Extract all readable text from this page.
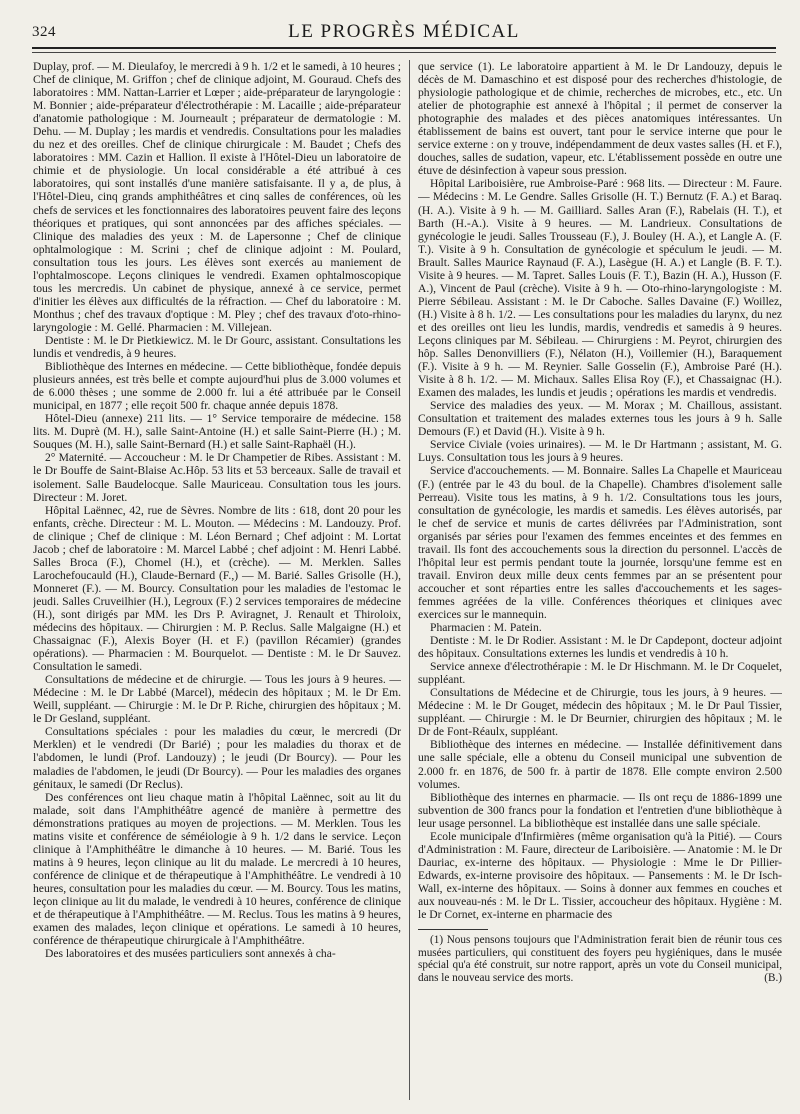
324	LE PROGRÈS MÉDICAL

Duplay, prof. — M. Dieulafoy, le mercredi à 9 h. 1/2 et le samedi, à 10 heures ; Chef de clinique, M. Griffon ; chef de clinique adjoint, M. Gouraud. Chefs des laboratoires : MM. Nattan-Larrier et Lœper ; aide-préparateur de laryngologie : M. Bonnier ; aide-préparateur d'électrothérapie : M. Lacaille ; aide-préparateur d'anatomie pathologique : M. Journeault ; préparateur de dermatologie : M. Dehu. — M. Duplay ; les mardis et vendredis. Consultations pour les maladies du nez et des oreilles. Chef de clinique chirurgicale : M. Baudet ; Chefs des laboratoires : MM. Cazin et Hallion. Il existe à l'Hôtel-Dieu un laboratoire de chimie et de physiologie. Un local considérable a été attribué à ces laboratoires, qui sont installés d'une manière satisfaisante. Il y a, de plus, à l'Hôtel-Dieu, cinq grands amphithéâtres et cinq salles de conférences, où les chefs de services et les fonctionnaires des laboratoires peuvent faire des leçons théoriques et pratiques, qui sont annoncées par des affiches spéciales. — Clinique des maladies des yeux : M. de Lapersonne ; Chef de clinique ophtalmologique : M. Scrini ; chef de clinique adjoint : M. Poulard, consultation tous les jours. Les élèves sont exercés au maniement de l'ophtalmoscope. Leçons cliniques le vendredi. Examen ophtalmoscopique tous les mercredis. Un cabinet de physique, annexé à ce service, permet d'initier les élèves aux difficultés de la réfraction. — Chef du laboratoire : M. Monthus ; chef des travaux d'optique : M. Pley ; chef des travaux d'oto-rhino-laryngologie : M. Gellé. Pharmacien : M. Villejean.

Dentiste : M. le Dr Pietkiewicz. M. le Dr Gourc, assistant. Consultations les lundis et vendredis, à 9 heures.

Bibliothèque des Internes en médecine. — Cette bibliothèque, fondée depuis plusieurs années, est très belle et compte aujourd'hui plus de 3.000 volumes et de 6.000 thèses ; une somme de 2.000 fr. lui a été attribuée par le Conseil municipal, en 1877 ; elle reçoit 500 fr. chaque année depuis 1878.

Hôtel-Dieu (annexe) 211 lits. — 1° Service temporaire de médecine. 158 lits. M. Duprè (M. H.), salle Saint-Antoine (H.) et salle Saint-Pierre (H.) ; M. Souques (M. H.), salle Saint-Bernard (H.) et salle Saint-Raphaël (H.).

2° Maternité. — Accoucheur : M. le Dr Champetier de Ribes. Assistant : M. le Dr Bouffe de Saint-Blaise Ac.Hôp. 53 lits et 53 berceaux. Salle de travail et isolement. Salle Baudelocque. Salle Mauriceau. Consultation tous les jours. Directeur : M. Joret.

Hôpital Laënnec, 42, rue de Sèvres. Nombre de lits : 618, dont 20 pour les enfants, crèche. Directeur : M. L. Mouton. — Médecins : M. Landouzy. Prof. de clinique ; Chef de clinique : M. Léon Bernard ; Chef adjoint : M. Lortat Jacob ; chef de laboratoire : M. Marcel Labbé ; chef adjoint : M. Henri Labbé. Salles Broca (F.), Chomel (H.), et (crèche). — M. Merklen. Salles Larochefoucauld (H.), Claude-Bernard (F.,) — M. Barié. Salles Grisolle (H.), Monneret (F.). — M. Bourcy. Consultation pour les maladies de l'estomac le jeudi. Salles Cruveilhier (H.), Legroux (F.) 2 services temporaires de médecine (H.), sont dirigés par MM. les Drs P. Aviragnet, J. Renault et Thiroloix, médecins des hôpitaux. — Chirurgien : M. P. Reclus. Salle Malgaigne (H.) et Chassaignac (F.), Alexis Boyer (H. et F.) (pavillon Récamier) (grandes opérations). — Pharmacien : M. Bourquelot. — Dentiste : M. le Dr Sauvez. Consultation le samedi.

Consultations de médecine et de chirurgie. — Tous les jours à 9 heures. — Médecine : M. le Dr Labbé (Marcel), médecin des hôpitaux ; M. le Dr Em. Weill, suppléant. — Chirurgie : M. le Dr P. Riche, chirurgien des hôpitaux ; M. le Dr Gesland, suppléant.

Consultations spéciales : pour les maladies du cœur, le mercredi (Dr Merklen) et le vendredi (Dr Barié) ; pour les maladies du thorax et de l'abdomen, le lundi (Prof. Landouzy) ; le jeudi (Dr Bourcy). — Pour les maladies de l'abdomen, le jeudi (Dr Bourcy). — Pour les maladies des organes génitaux, le samedi (Dr Reclus).

Des conférences ont lieu chaque matin à l'hôpital Laënnec, soit au lit du malade, soit dans l'Amphithéâtre agencé de manière à permettre des démonstrations pratiques au moyen de projections. — M. Merklen. Tous les matins visite et conférence de séméiologie à 9 h. 1/2 dans le service. Leçon clinique à l'Amphithéâtre le dimanche à 10 heures. — M. Barié. Tous les matins à 9 heures, leçon clinique au lit du malade. Le mercredi à 10 heures, conférence de clinique et de thérapeutique à l'Amphithéâtre. Le vendredi à 10 heures, consultation pour les maladies du cœur. — M. Bourcy. Tous les matins, leçon clinique au lit du malade, le vendredi à 10 heures, conférence de clinique et de thérapeutique à l'Amphithéâtre. — M. Reclus. Tous les matins à 9 heures, examen des malades, leçon clinique et opérations. Le samedi à 10 heures, conférence de thérapeutique chirurgicale à l'Amphithéâtre.

Des laboratoires et des musées particuliers sont annexés à cha-

que service (1). Le laboratoire appartient à M. le Dr Landouzy, depuis le décès de M. Damaschino et est disposé pour des recherches d'histologie, de physiologie pathologique et de chimie, recherches de microbes, etc., etc. Un atelier de photographie est annexé à l'hôpital ; il permet de conserver la photographie des malades et des pièces anatomiques intéressantes. Un établissement de bains est ouvert, tant pour le service interne que pour le service externe : on y trouve, indépendamment de deux vastes salles (H. et F.), douches, salles de sudation, vapeur, etc. L'établissement possède en outre une étuve de désinfection à vapeur sous pression.

Hôpital Lariboisière, rue Ambroise-Paré : 968 lits. — Directeur : M. Faure. — Médecins : M. Le Gendre. Salles Grisolle (H. T.) Bernutz (F. A.) et Baraq. (H. A.). Visite à 9 h. — M. Gailliard. Salles Aran (F.), Rabelais (H. T.), et Barth (H.-A.). Visite à 9 heures. — M. Landrieux. Consultations de gynécologie le jeudi. Salles Trousseau (F.), J. Bouley (H. A.), et Langle A. (F. T.). Visite à 9 h. Consultation de gynécologie et spéculum le jeudi. — M. Brault. Salles Maurice Raynaud (F. A.), Lasègue (H. A.) et Langle (B. F. T.). Visite à 9 heures. — M. Tapret. Salles Louis (F. T.), Bazin (H. A.), Husson (F. A.), Vincent de Paul (crèche). Visite à 9 h. — Oto-rhino-laryngologiste : M. Pierre Sébileau. Assistant : M. le Dr Caboche. Salles Davaine (F.) Woillez, (H.) Visite à 8 h. 1/2. — Les consultations pour les maladies du larynx, du nez et des oreilles ont lieu les lundis, mardis, vendredis et samedis à 9 heures. Leçons cliniques par M. Sébileau. — Chirurgiens : M. Peyrot, chirurgien des hôp. Salles Denonvilliers (F.), Nélaton (H.), Voillemier (H.), Baraquement (F.). Visite à 9 h. — M. Reynier. Salle Gosselin (F.), Ambroise Paré (H.). Visite à 8 h. 1/2. — M. Michaux. Salles Elisa Roy (F.), et Chassaignac (H.). Examen des malades, les lundis et jeudis ; opérations les mardis et vendredis.

Service des maladies des yeux. — M. Morax ; M. Chaillous, assistant. Consultation et traitement des malades externes tous les jours à 9 h. Salle Demours (F.) et David (H.). Visite à 9 h.

Service Civiale (voies urinaires). — M. le Dr Hartmann ; assistant, M. G. Luys. Consultation tous les jours à 9 heures.

Service d'accouchements. — M. Bonnaire. Salles La Chapelle et Mauriceau (F.) (entrée par le 43 du boul. de la Chapelle). Chambres d'isolement salle Perreau). Visite tous les matins, à 9 h. 1/2. Consultations tous les jours, consultation de gynécologie, les mardis et samedis. Les élèves autorisés, par le chef de service et munis de cartes délivrées par l'Administration, sont organisés par séries pour l'examen des femmes enceintes et des femmes en travail. Ils font des accouchements sous la direction du personnel. L'accès de l'hôpital leur est permis pendant toute la journée, lorsqu'une femme est en travail. Environ deux mille deux cents femmes par an se présentent pour accoucher et sont réparties entre les salles d'accouchements et les sages-femmes agréées de la ville. Conférences théoriques et cliniques avec exercices sur le mannequin.

Pharmacien : M. Patein.

Dentiste : M. le Dr Rodier. Assistant : M. le Dr Capdepont, docteur adjoint des hôpitaux. Consultations externes les lundis et vendredis à 10 h.

Service annexe d'électrothérapie : M. le Dr Hischmann. M. le Dr Coquelet, suppléant.

Consultations de Médecine et de Chirurgie, tous les jours, à 9 heures. — Médecine : M. le Dr Gouget, médecin des hôpitaux ; M. le Dr Paul Tissier, suppléant. — Chirurgie : M. le Dr Beurnier, chirurgien des hôpitaux ; M. le Dr de Font-Réaulx, suppléant.

Bibliothèque des internes en médecine. — Installée définitivement dans une salle spéciale, elle a obtenu du Conseil municipal une subvention de 2.000 fr. en 1876, de 500 fr. à partir de 1878. Elle compte environ 2.500 volumes.

Bibliothèque des internes en pharmacie. — Ils ont reçu de 1886-1899 une subvention de 300 francs pour la fondation et l'entretien d'une bibliothèque à leur usage personnel. La bibliothèque est installée dans une salle spéciale.

Ecole municipale d'Infirmières (même organisation qu'à la Pitié). — Cours d'Administration : M. Faure, directeur de Lariboisière. — Anatomie : M. le Dr Dauriac, ex-interne des hôpitaux. — Physiologie : Mme le Dr Pillier-Edwards, ex-interne provisoire des hôpitaux. — Pansements : M. le Dr Isch-Wall, ex-interne des hôpitaux. — Soins à donner aux femmes en couches et aux nouveau-nés : M. le Dr L. Tissier, accoucheur des hôpitaux. Hygiène : M. le Dr Cornet, ex-interne en pharmacie des

(1) Nous pensons toujours que l'Administration ferait bien de réunir tous ces musées particuliers, qui constituent des foyers peu hygiéniques, dans le musée spécial qu'a été construit, sur notre rapport, après un vote du Conseil municipal, dans le nouveau service des morts.	(B.)
